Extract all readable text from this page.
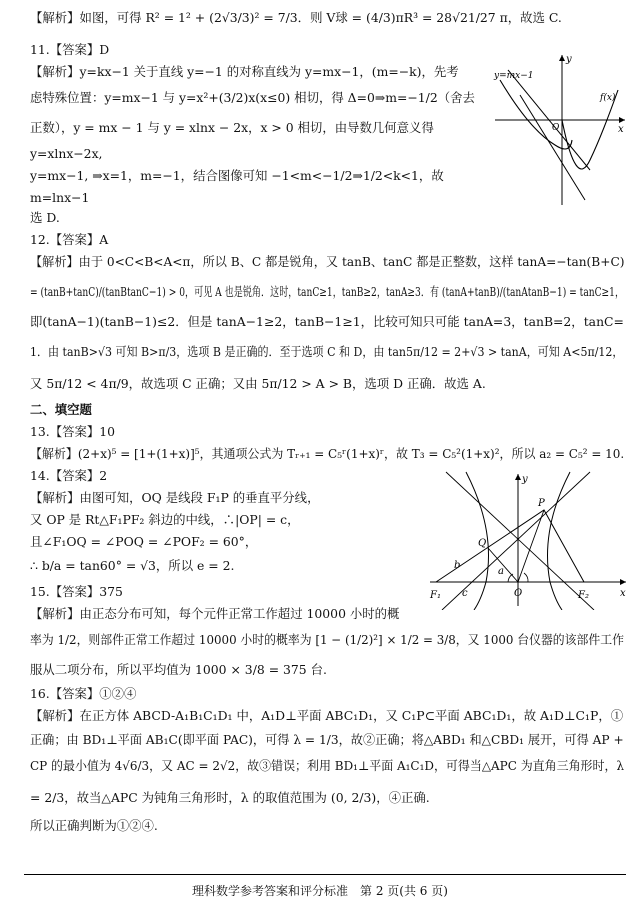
【解析】如图，可得 R² = 1² + (2√3/3)² = 7/3．则 V球 = (4/3)πR³ = 28√21/27 π，故选 C.
11.【答案】D
【解析】y=kx−1 关于直线 y=−1 的对称直线为 y=mx−1，(m=−k)，先考
虑特殊位置：y=mx−1 与 y=x²+(3/2)x(x≤0) 相切，得 Δ=0⇒m=−1/2（舍去
正数），y = mx − 1 与 y = xlnx − 2x，x > 0 相切，由导数几何意义得
y=xlnx−2x,
y=mx−1, ⇒x=1，m=−1，结合图像可知 −1<m<−1/2⇒1/2<k<1，故
m=lnx−1
选 D.
12.【答案】A
【解析】由于 0<C<B<A<π，所以 B、C 都是锐角，又 tanB、tanC 都是正整数，这样 tanA=−tan(B+C)
= (tanB+tanC)/(tanBtanC−1) > 0，可见 A 也是锐角．这时，tanC≥1，tanB≥2，tanA≥3．有 (tanA+tanB)/(tanAtanB−1) = tanC≥1，
即(tanA−1)(tanB−1)≤2．但是 tanA−1≥2，tanB−1≥1，比较可知只可能 tanA=3，tanB=2，tanC=
1．由 tanB>√3 可知 B>π/3，选项 B 是正确的．至于选项 C 和 D，由 tan5π/12 = 2+√3 > tanA，可知 A<5π/12，
又 5π/12 < 4π/9，故选项 C 正确；又由 5π/12 > A > B，选项 D 正确．故选 A.
二、填空题
13.【答案】10
【解析】(2+x)⁵ = [1+(1+x)]⁵，其通项公式为 Tᵣ₊₁ = C₅ʳ(1+x)ʳ，故 T₃ = C₅²(1+x)²，所以 a₂ = C₅² = 10.
14.【答案】2
【解析】由图可知，OQ 是线段 F₁P 的垂直平分线，
又 OP 是 Rt△F₁PF₂ 斜边的中线，∴|OP| = c，
且∠F₁OQ = ∠POQ = ∠POF₂ = 60°，
∴ b/a = tan60° = √3，所以 e = 2.
15.【答案】375
【解析】由正态分布可知，每个元件正常工作超过 10000 小时的概
率为 1/2，则部件正常工作超过 10000 小时的概率为 [1 − (1/2)²] × 1/2 = 3/8，又 1000 台仪器的该部件工作
服从二项分布，所以平均值为 1000 × 3/8 = 375 台.
16.【答案】①②④
【解析】在正方体 ABCD-A₁B₁C₁D₁ 中，A₁D⊥平面 ABC₁D₁，又 C₁P⊂平面 ABC₁D₁，故 A₁D⊥C₁P，①
正确；由 BD₁⊥平面 AB₁C(即平面 PAC)，可得 λ = 1/3，故②正确；将△ABD₁ 和△CBD₁ 展开，可得 AP +
CP 的最小值为 4√6/3，又 AC = 2√2，故③错误；利用 BD₁⊥平面 A₁C₁D，可得当△APC 为直角三角形时，λ
= 2/3，故当△APC 为钝角三角形时，λ 的取值范围为 (0, 2/3)，④正确.
所以正确判断为①②④.
y=mx−1
y
x
O
f(x)
y
x
P
Q
b
a
c	O
F₁	F₂
理科数学参考答案和评分标准　第 2 页(共 6 页)
